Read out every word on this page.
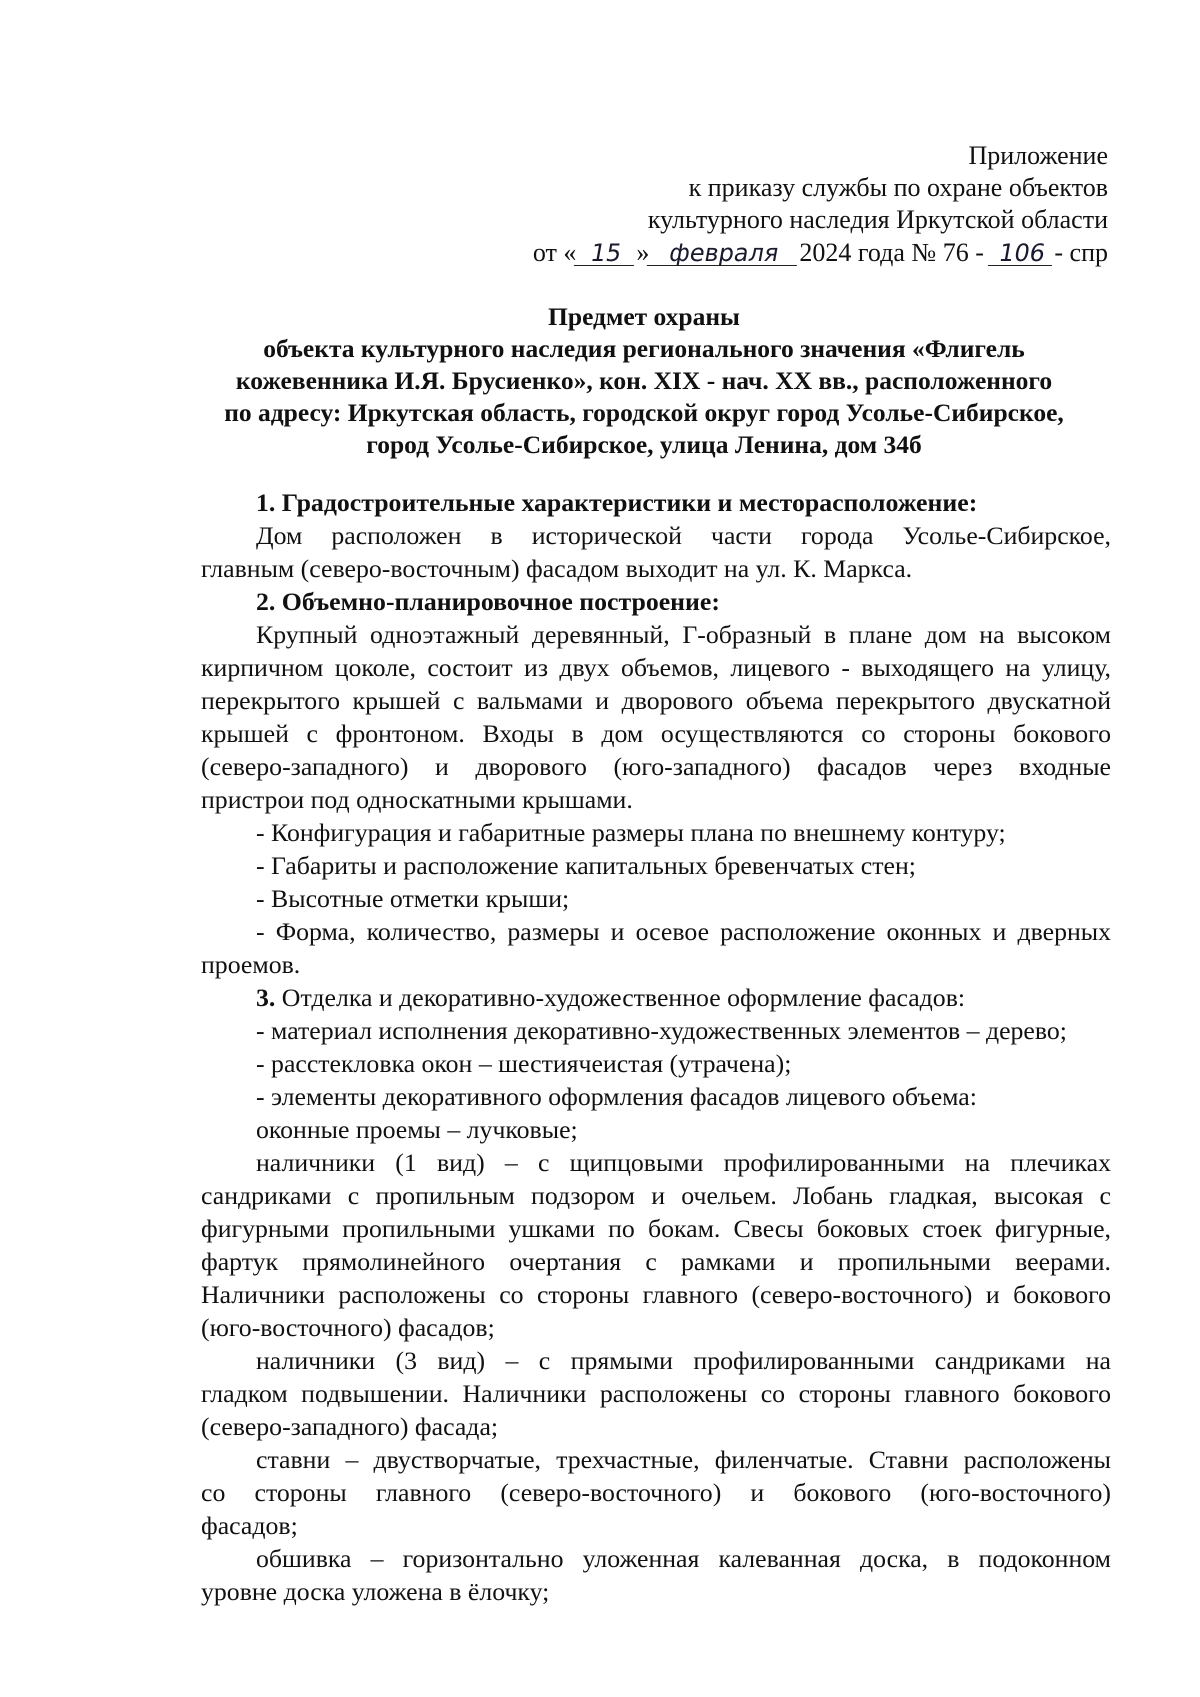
Приложение
к приказу службы по охране объектов
культурного наследия Иркутской области
от « 15 » февраля 2024 года № 76 - 106 - спр
Предмет охраны
объекта культурного наследия регионального значения «Флигель
кожевенника И.Я. Брусиенко», кон. XIX - нач. XX вв., расположенного
по адресу: Иркутская область, городской округ город Усолье-Сибирское,
город Усолье-Сибирское, улица Ленина, дом 34б
1. Градостроительные характеристики и месторасположение:
Дом расположен в исторической части города Усолье-Сибирское,
главным (северо-восточным) фасадом выходит на ул. К. Маркса.
2. Объемно-планировочное построение:
Крупный одноэтажный деревянный, Г-образный в плане дом на высоком
кирпичном цоколе, состоит из двух объемов, лицевого - выходящего на улицу,
перекрытого крышей с вальмами и дворового объема перекрытого двускатной
крышей с фронтоном. Входы в дом осуществляются со стороны бокового
(северо-западного) и дворового (юго-западного) фасадов через входные
пристрои под односкатными крышами.
- Конфигурация и габаритные размеры плана по внешнему контуру;
- Габариты и расположение капитальных бревенчатых стен;
- Высотные отметки крыши;
- Форма, количество, размеры и осевое расположение оконных и дверных
проемов.
3. Отделка и декоративно-художественное оформление фасадов:
- материал исполнения декоративно-художественных элементов – дерево;
- расстекловка окон – шестиячеистая (утрачена);
- элементы декоративного оформления фасадов лицевого объема:
оконные проемы – лучковые;
наличники (1 вид) – с щипцовыми профилированными на плечиках
сандриками с пропильным подзором и очельем. Лобань гладкая, высокая с
фигурными пропильными ушками по бокам. Свесы боковых стоек фигурные,
фартук прямолинейного очертания с рамками и пропильными веерами.
Наличники расположены со стороны главного (северо-восточного) и бокового
(юго-восточного) фасадов;
наличники (3 вид) – с прямыми профилированными сандриками на
гладком подвышении. Наличники расположены со стороны главного бокового
(северо-западного) фасада;
ставни – двустворчатые, трехчастные, филенчатые. Ставни расположены
со стороны главного (северо-восточного) и бокового (юго-восточного)
фасадов;
обшивка – горизонтально уложенная калеванная доска, в подоконном
уровне доска уложена в ёлочку;
